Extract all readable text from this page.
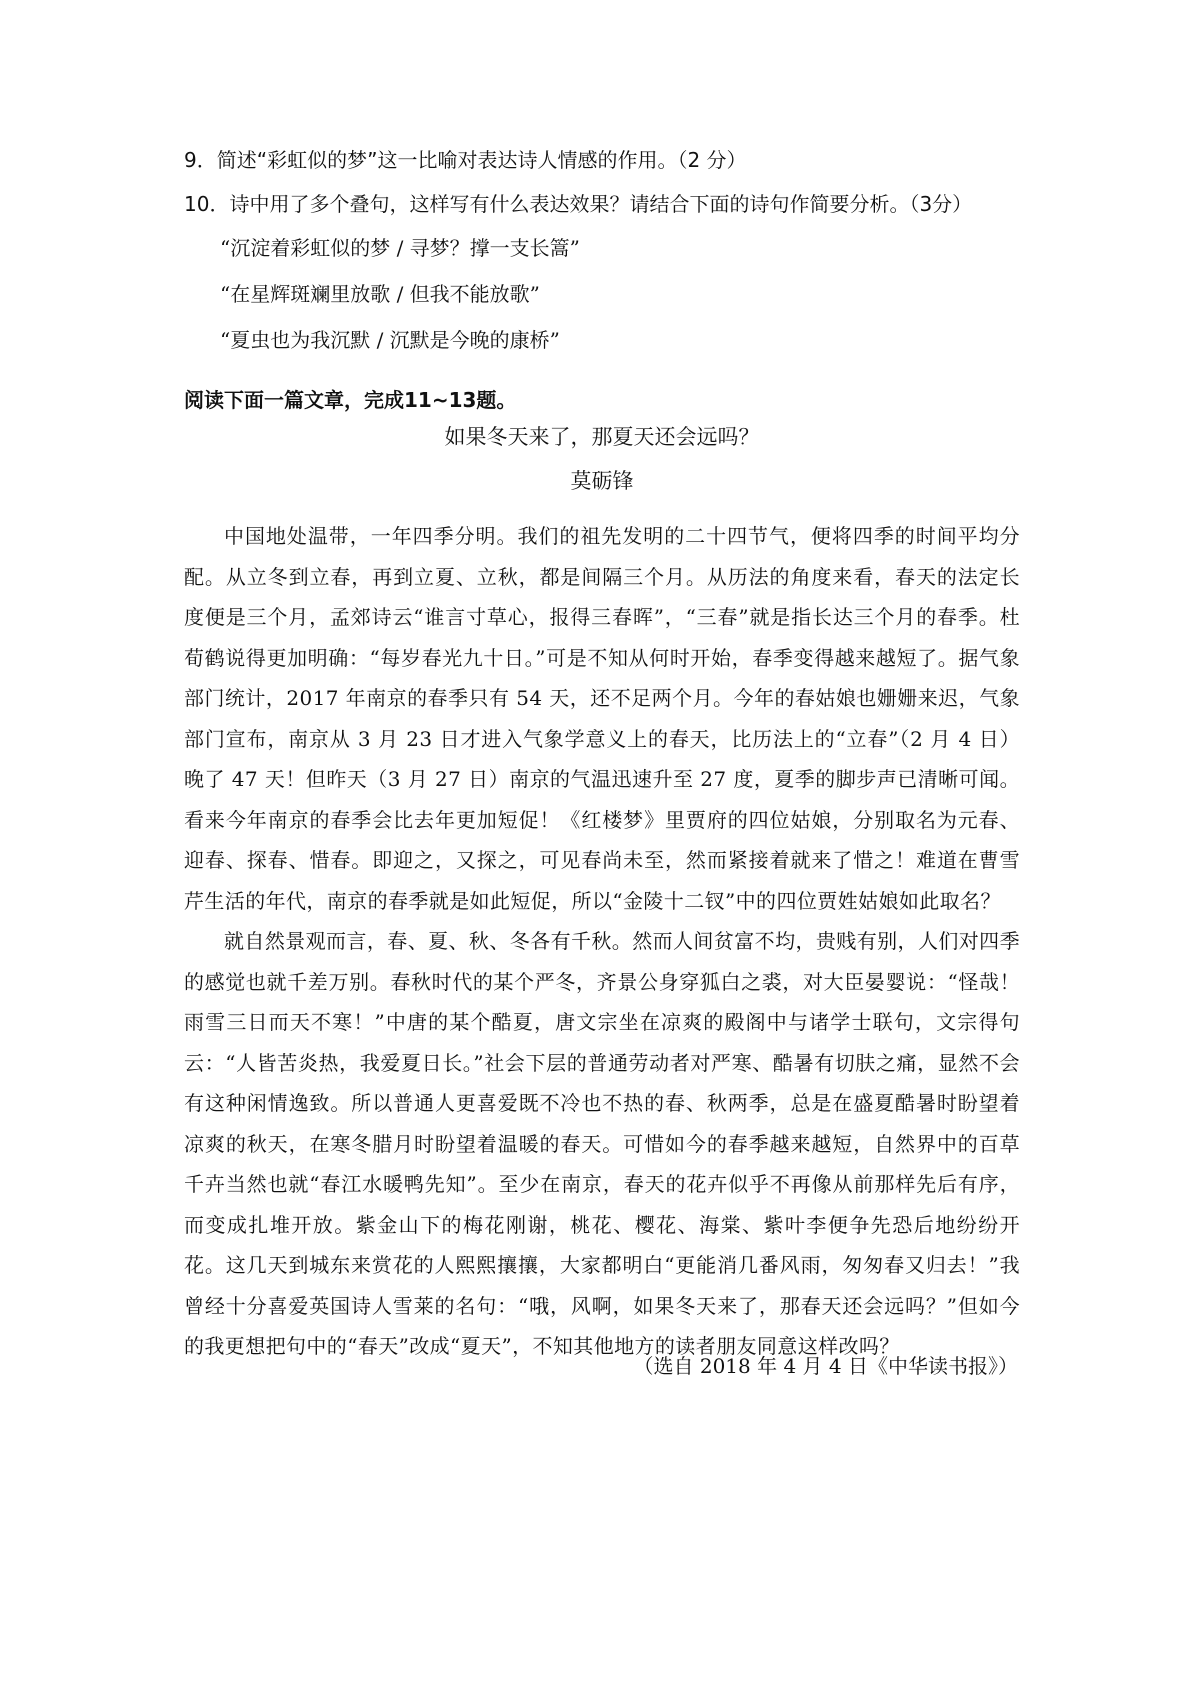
9．简述“彩虹似的梦”这一比喻对表达诗人情感的作用。（2 分）
10．诗中用了多个叠句，这样写有什么表达效果？请结合下面的诗句作简要分析。（3分）
“沉淀着彩虹似的梦 / 寻梦？撑一支长篙”
“在星辉斑斓里放歌 / 但我不能放歌”
“夏虫也为我沉默 / 沉默是今晚的康桥”
阅读下面一篇文章，完成11~13题。
如果冬天来了，那夏天还会远吗？
莫砺锋

中国地处温带，一年四季分明。我们的祖先发明的二十四节气，便将四季的时间平均分配。从立冬到立春，再到立夏、立秋，都是间隔三个月。从历法的角度来看，春天的法定长度便是三个月，孟郊诗云“谁言寸草心，报得三春晖”，“三春”就是指长达三个月的春季。杜荀鹤说得更加明确：“每岁春光九十日。”可是不知从何时开始，春季变得越来越短了。据气象部门统计，2017 年南京的春季只有 54 天，还不足两个月。今年的春姑娘也姗姗来迟，气象部门宣布，南京从 3 月 23 日才进入气象学意义上的春天，比历法上的“立春”（2 月 4 日）晚了 47 天！但昨天（3 月 27 日）南京的气温迅速升至 27 度，夏季的脚步声已清晰可闻。看来今年南京的春季会比去年更加短促！《红楼梦》里贾府的四位姑娘，分别取名为元春、迎春、探春、惜春。即迎之，又探之，可见春尚未至，然而紧接着就来了惜之！难道在曹雪芹生活的年代，南京的春季就是如此短促，所以“金陵十二钗”中的四位贾姓姑娘如此取名？

就自然景观而言，春、夏、秋、冬各有千秋。然而人间贫富不均，贵贱有别，人们对四季的感觉也就千差万别。春秋时代的某个严冬，齐景公身穿狐白之裘，对大臣晏婴说：“怪哉！雨雪三日而天不寒！”中唐的某个酷夏，唐文宗坐在凉爽的殿阁中与诸学士联句，文宗得句云：“人皆苦炎热，我爱夏日长。”社会下层的普通劳动者对严寒、酷暑有切肤之痛，显然不会有这种闲情逸致。所以普通人更喜爱既不冷也不热的春、秋两季，总是在盛夏酷暑时盼望着凉爽的秋天，在寒冬腊月时盼望着温暖的春天。可惜如今的春季越来越短，自然界中的百草千卉当然也就“春江水暖鸭先知”。至少在南京，春天的花卉似乎不再像从前那样先后有序，而变成扎堆开放。紫金山下的梅花刚谢，桃花、樱花、海棠、紫叶李便争先恐后地纷纷开花。这几天到城东来赏花的人熙熙攘攘，大家都明白“更能消几番风雨，匆匆春又归去！”我曾经十分喜爱英国诗人雪莱的名句：“哦，风啊，如果冬天来了，那春天还会远吗？”但如今的我更想把句中的“春天”改成“夏天”，不知其他地方的读者朋友同意这样改吗？

（选自 2018 年 4 月 4 日《中华读书报》）
